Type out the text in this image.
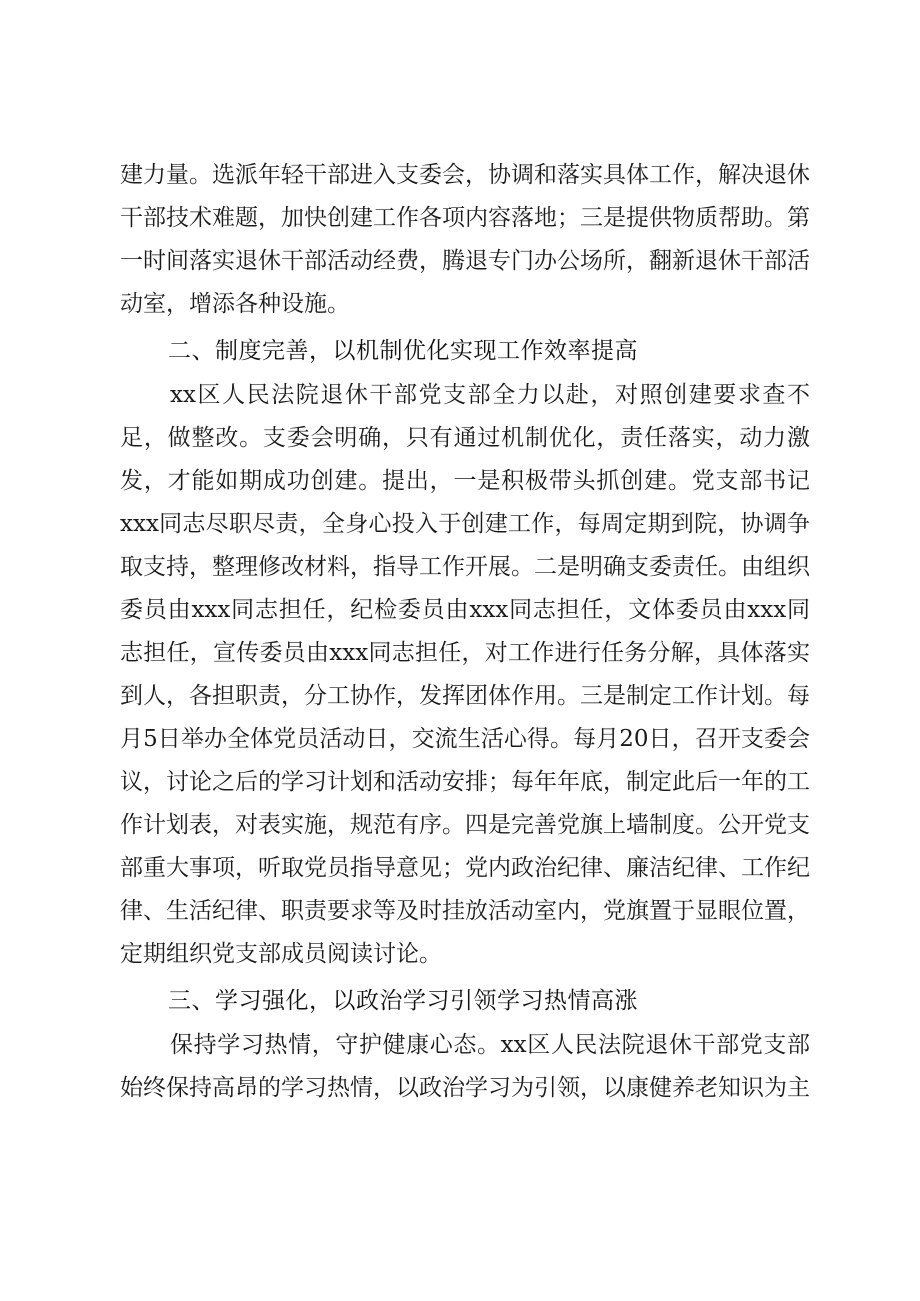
建力量。选派年轻干部进入支委会，协调和落实具体工作，解决退休干部技术难题，加快创建工作各项内容落地；三是提供物质帮助。第一时间落实退休干部活动经费，腾退专门办公场所，翻新退休干部活动室，增添各种设施。

二、制度完善，以机制优化实现工作效率提高

xx区人民法院退休干部党支部全力以赴，对照创建要求查不足，做整改。支委会明确，只有通过机制优化，责任落实，动力激发，才能如期成功创建。提出，一是积极带头抓创建。党支部书记xxx同志尽职尽责，全身心投入于创建工作，每周定期到院，协调争取支持，整理修改材料，指导工作开展。二是明确支委责任。由组织委员由xxx同志担任，纪检委员由xxx同志担任，文体委员由xxx同志担任，宣传委员由xxx同志担任，对工作进行任务分解，具体落实到人，各担职责，分工协作，发挥团体作用。三是制定工作计划。每月5日举办全体党员活动日，交流生活心得。每月20日，召开支委会议，讨论之后的学习计划和活动安排；每年年底，制定此后一年的工作计划表，对表实施，规范有序。四是完善党旗上墙制度。公开党支部重大事项，听取党员指导意见；党内政治纪律、廉洁纪律、工作纪律、生活纪律、职责要求等及时挂放活动室内，党旗置于显眼位置，定期组织党支部成员阅读讨论。

三、学习强化，以政治学习引领学习热情高涨

保持学习热情，守护健康心态。xx区人民法院退休干部党支部始终保持高昂的学习热情，以政治学习为引领，以康健养老知识为主
